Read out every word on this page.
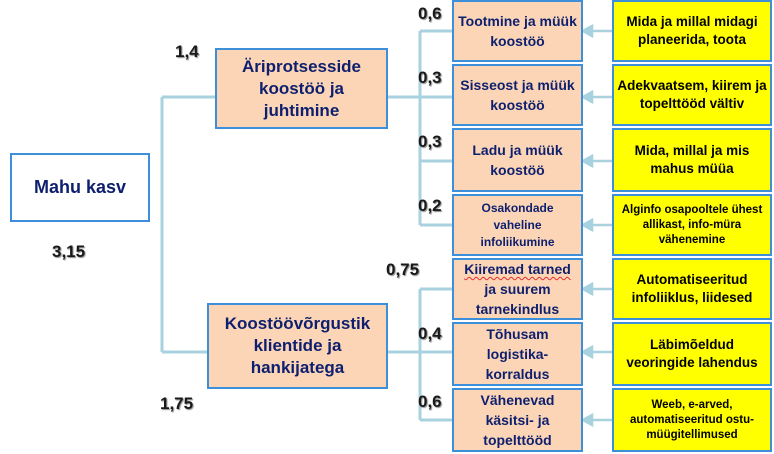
Mahu kasv
3,15
Äriprotsesside koostöö ja juhtimine
1,4
Koostöövõrgustik klientide ja hankijatega
1,75
Tootmine ja müük koostöö
0,6
Sisseost ja müük koostöö
0,3
Ladu ja müük koostöö
0,3
Osakondade vaheline infoliikumine
0,2
Kiiremad tarned
ja suurem tarnekindlus
0,75
Tõhusam logistika-korraldus
0,4
Vähenevad käsitsi- ja topelttööd
0,6
Mida ja millal midagi planeerida, toota
Adekvaatsem, kiirem ja topelttööd vältiv
Mida, millal ja mis mahus müüa
Alginfo osapooltele ühest allikast, info-müra vähenemine
Automatiseeritud infoliiklus, liidesed
Läbimõeldud veoringide lahendus
Weeb, e-arved, automatiseeritud ostu-müügitellimused
